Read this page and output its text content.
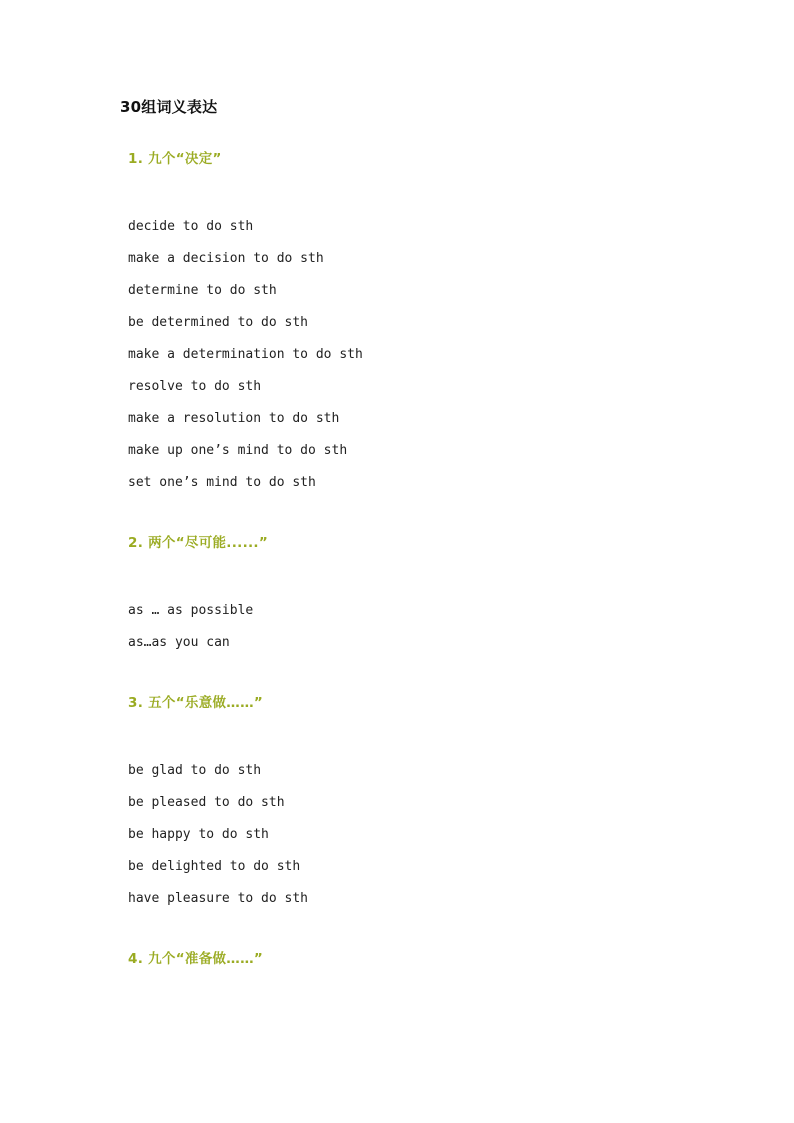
30组词义表达
1. 九个“决定”
decide to do sth
make a decision to do sth
determine to do sth
be determined to do sth
make a determination to do sth
resolve to do sth
make a resolution to do sth
make up one’s mind to do sth
set one’s mind to do sth
2. 两个“尽可能......”
as … as possible
as…as you can
3. 五个“乐意做……”
be glad to do sth
be pleased to do sth
be happy to do sth
be delighted to do sth
have pleasure to do sth
4. 九个“准备做……”
